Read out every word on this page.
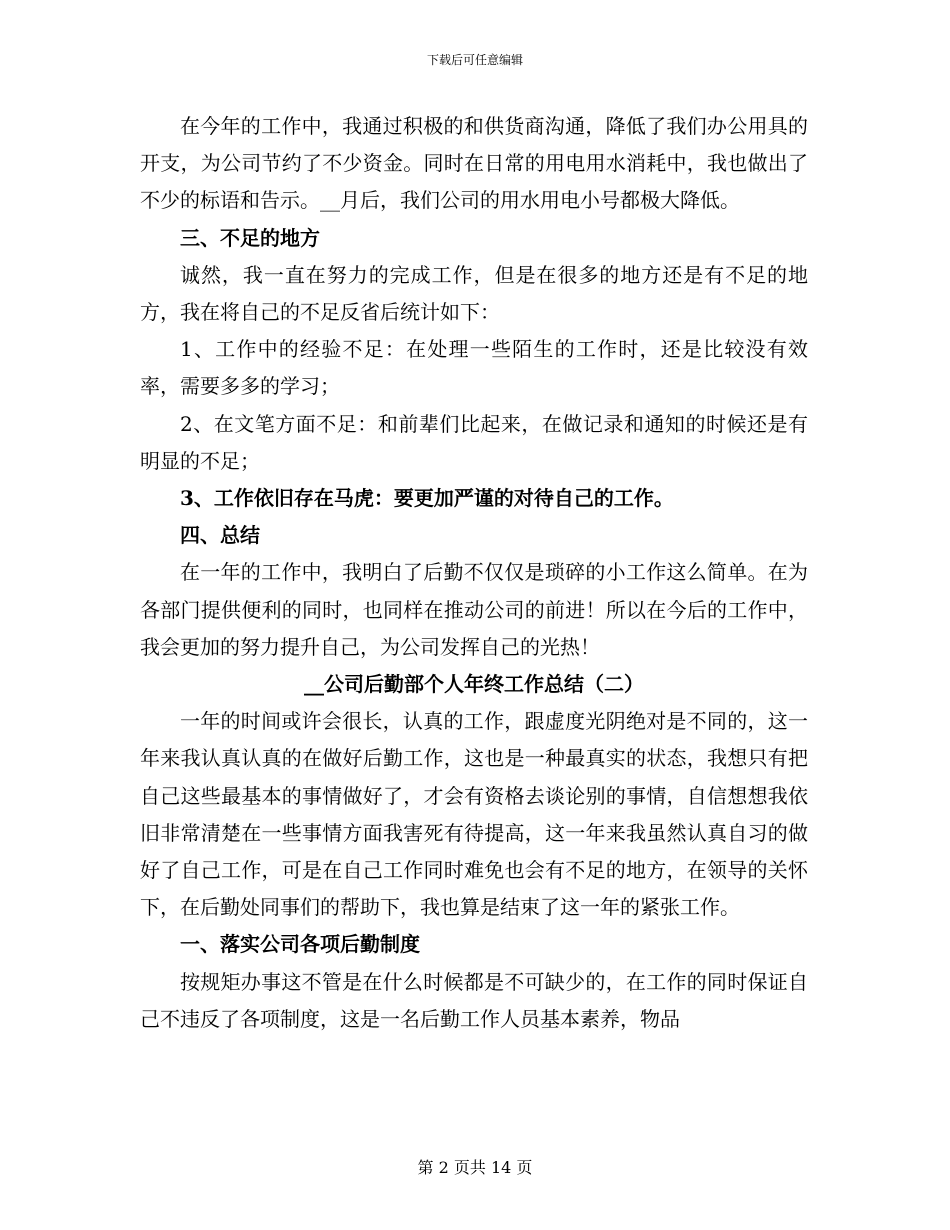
下载后可任意编辑

在今年的工作中，我通过积极的和供货商沟通，降低了我们办公用具的开支，为公司节约了不少资金。同时在日常的用电用水消耗中，我也做出了不少的标语和告示。__月后，我们公司的用水用电小号都极大降低。

三、不足的地方

诚然，我一直在努力的完成工作，但是在很多的地方还是有不足的地方，我在将自己的不足反省后统计如下：

1、工作中的经验不足：在处理一些陌生的工作时，还是比较没有效率，需要多多的学习；

2、在文笔方面不足：和前辈们比起来，在做记录和通知的时候还是有明显的不足；

3、工作依旧存在马虎：要更加严谨的对待自己的工作。
四、总结

在一年的工作中，我明白了后勤不仅仅是琐碎的小工作这么简单。在为各部门提供便利的同时，也同样在推动公司的前进！所以在今后的工作中，我会更加的努力提升自己，为公司发挥自己的光热！

__公司后勤部个人年终工作总结（二）

一年的时间或许会很长，认真的工作，跟虚度光阴绝对是不同的，这一年来我认真认真的在做好后勤工作，这也是一种最真实的状态，我想只有把自己这些最基本的事情做好了，才会有资格去谈论别的事情，自信想想我依旧非常清楚在一些事情方面我害死有待提高，这一年来我虽然认真自习的做好了自己工作，可是在自己工作同时难免也会有不足的地方，在领导的关怀下，在后勤处同事们的帮助下，我也算是结束了这一年的紧张工作。

一、落实公司各项后勤制度

按规矩办事这不管是在什么时候都是不可缺少的，在工作的同时保证自己不违反了各项制度，这是一名后勤工作人员基本素养，物品

第 2 页共 14 页
